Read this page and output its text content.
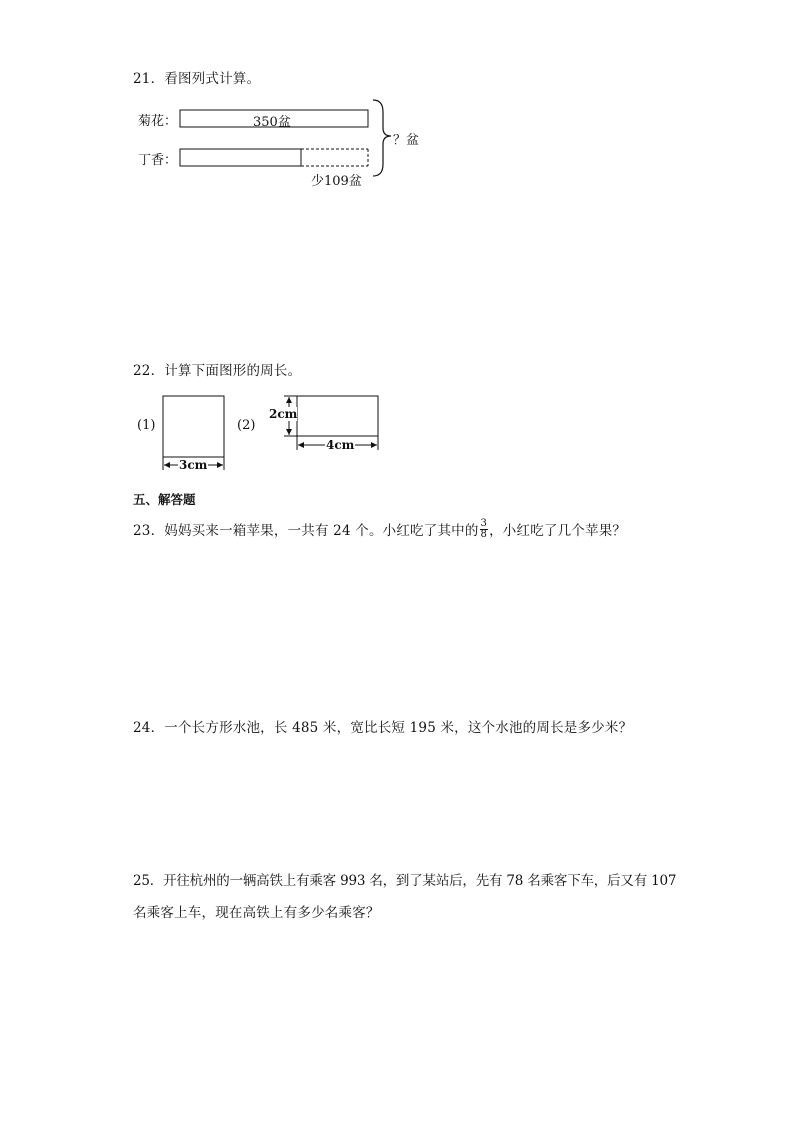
21．看图列式计算。
菊花：
丁香：
350盆
少109盆
？盆
22．计算下面图形的周长。
(1)
3cm
(2)
2cm
4cm
五、解答题
23．妈妈买来一箱苹果，一共有 24 个。小红吃了其中的 $\frac{3}{8}$ ，小红吃了几个苹果？
24．一个长方形水池，长 485 米，宽比长短 195 米，这个水池的周长是多少米？
25．开往杭州的一辆高铁上有乘客 993 名，到了某站后，先有 78 名乘客下车，后又有 107
名乘客上车，现在高铁上有多少名乘客？
